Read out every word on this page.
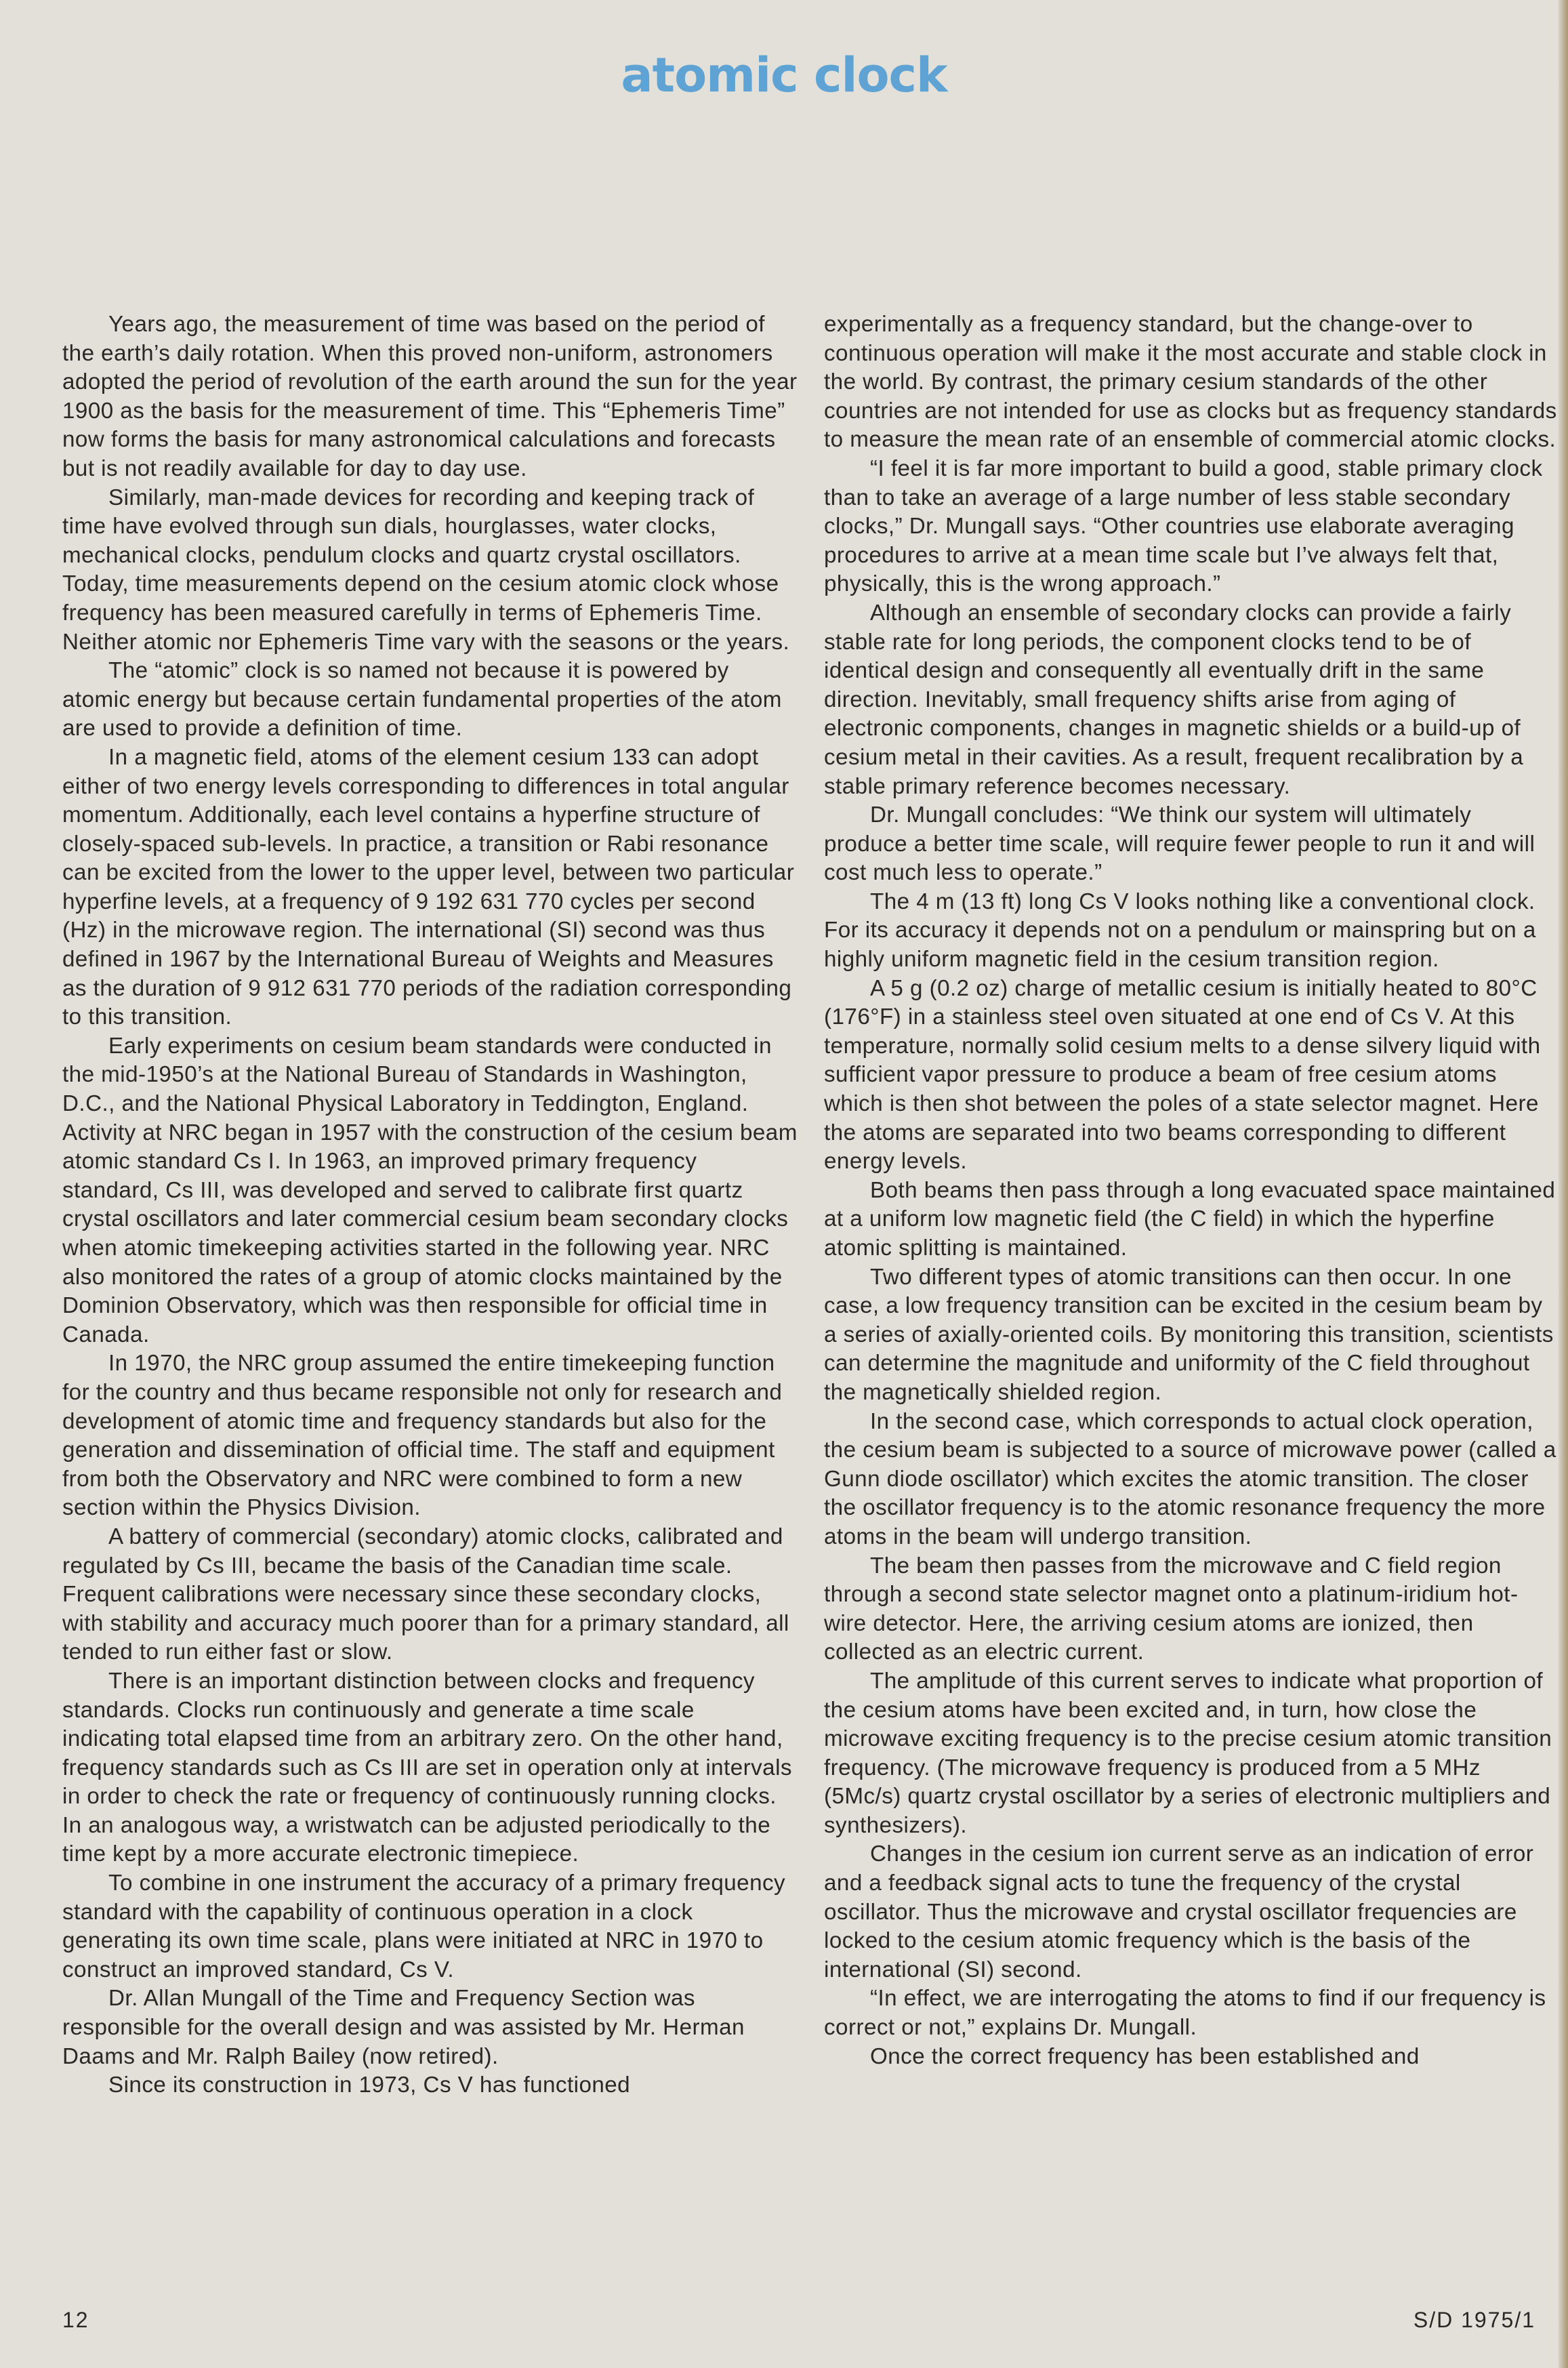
atomic clock

Years ago, the measurement of time was based on the period of the earth’s daily rotation. When this proved non-uniform, astronomers adopted the period of revolution of the earth around the sun for the year 1900 as the basis for the measurement of time. This “Ephemeris Time” now forms the basis for many astronomical calculations and forecasts but is not readily available for day to day use.

Similarly, man-made devices for recording and keeping track of time have evolved through sun dials, hourglasses, water clocks, mechanical clocks, pendulum clocks and quartz crystal oscillators. Today, time measurements depend on the cesium atomic clock whose frequency has been measured carefully in terms of Ephemeris Time. Neither atomic nor Ephemeris Time vary with the seasons or the years.

The “atomic” clock is so named not because it is powered by atomic energy but because certain fundamental properties of the atom are used to provide a definition of time.

In a magnetic field, atoms of the element cesium 133 can adopt either of two energy levels corresponding to differences in total angular momentum. Additionally, each level contains a hyperfine structure of closely-spaced sub-levels. In practice, a transition or Rabi resonance can be excited from the lower to the upper level, between two particular hyperfine levels, at a frequency of 9 192 631 770 cycles per second (Hz) in the microwave region. The international (SI) second was thus defined in 1967 by the International Bureau of Weights and Measures as the duration of 9 912 631 770 periods of the radiation corresponding to this transition.

Early experiments on cesium beam standards were conducted in the mid-1950’s at the National Bureau of Standards in Washington, D.C., and the National Physical Laboratory in Teddington, England. Activity at NRC began in 1957 with the construction of the cesium beam atomic standard Cs I. In 1963, an improved primary frequency standard, Cs III, was developed and served to calibrate first quartz crystal oscillators and later commercial cesium beam secondary clocks when atomic timekeeping activities started in the following year. NRC also monitored the rates of a group of atomic clocks maintained by the Dominion Observatory, which was then responsible for official time in Canada.

In 1970, the NRC group assumed the entire timekeeping function for the country and thus became responsible not only for research and development of atomic time and frequency standards but also for the generation and dissemination of official time. The staff and equipment from both the Observatory and NRC were combined to form a new section within the Physics Division.

A battery of commercial (secondary) atomic clocks, calibrated and regulated by Cs III, became the basis of the Canadian time scale. Frequent calibrations were necessary since these secondary clocks, with stability and accuracy much poorer than for a primary standard, all tended to run either fast or slow.

There is an important distinction between clocks and frequency standards. Clocks run continuously and generate a time scale indicating total elapsed time from an arbitrary zero. On the other hand, frequency standards such as Cs III are set in operation only at intervals in order to check the rate or frequency of continuously running clocks. In an analogous way, a wristwatch can be adjusted periodically to the time kept by a more accurate electronic timepiece.

To combine in one instrument the accuracy of a primary frequency standard with the capability of continuous operation in a clock generating its own time scale, plans were initiated at NRC in 1970 to construct an improved standard, Cs V.

Dr. Allan Mungall of the Time and Frequency Section was responsible for the overall design and was assisted by Mr. Herman Daams and Mr. Ralph Bailey (now retired).

Since its construction in 1973, Cs V has functioned

experimentally as a frequency standard, but the change-over to continuous operation will make it the most accurate and stable clock in the world. By contrast, the primary cesium standards of the other countries are not intended for use as clocks but as frequency standards to measure the mean rate of an ensemble of commercial atomic clocks.

“I feel it is far more important to build a good, stable primary clock than to take an average of a large number of less stable secondary clocks,” Dr. Mungall says. “Other countries use elaborate averaging procedures to arrive at a mean time scale but I’ve always felt that, physically, this is the wrong approach.”

Although an ensemble of secondary clocks can provide a fairly stable rate for long periods, the component clocks tend to be of identical design and consequently all eventually drift in the same direction. Inevitably, small frequency shifts arise from aging of electronic components, changes in magnetic shields or a build-up of cesium metal in their cavities. As a result, frequent recalibration by a stable primary reference becomes necessary.

Dr. Mungall concludes: “We think our system will ultimately produce a better time scale, will require fewer people to run it and will cost much less to operate.”

The 4 m (13 ft) long Cs V looks nothing like a conventional clock. For its accuracy it depends not on a pendulum or mainspring but on a highly uniform magnetic field in the cesium transition region.

A 5 g (0.2 oz) charge of metallic cesium is initially heated to 80°C (176°F) in a stainless steel oven situated at one end of Cs V. At this temperature, normally solid cesium melts to a dense silvery liquid with sufficient vapor pressure to produce a beam of free cesium atoms which is then shot between the poles of a state selector magnet. Here the atoms are separated into two beams corresponding to different energy levels.

Both beams then pass through a long evacuated space maintained at a uniform low magnetic field (the C field) in which the hyperfine atomic splitting is maintained.

Two different types of atomic transitions can then occur. In one case, a low frequency transition can be excited in the cesium beam by a series of axially-oriented coils. By monitoring this transition, scientists can determine the magnitude and uniformity of the C field throughout the magnetically shielded region.

In the second case, which corresponds to actual clock operation, the cesium beam is subjected to a source of microwave power (called a Gunn diode oscillator) which excites the atomic transition. The closer the oscillator frequency is to the atomic resonance frequency the more atoms in the beam will undergo transition.

The beam then passes from the microwave and C field region through a second state selector magnet onto a platinum-iridium hot-wire detector. Here, the arriving cesium atoms are ionized, then collected as an electric current.

The amplitude of this current serves to indicate what proportion of the cesium atoms have been excited and, in turn, how close the microwave exciting frequency is to the precise cesium atomic transition frequency. (The microwave frequency is produced from a 5 MHz (5Mc/s) quartz crystal oscillator by a series of electronic multipliers and synthesizers).

Changes in the cesium ion current serve as an indication of error and a feedback signal acts to tune the frequency of the crystal oscillator. Thus the microwave and crystal oscillator frequencies are locked to the cesium atomic frequency which is the basis of the international (SI) second.

“In effect, we are interrogating the atoms to find if our frequency is correct or not,” explains Dr. Mungall.

Once the correct frequency has been established and

12	S/D 1975/1
